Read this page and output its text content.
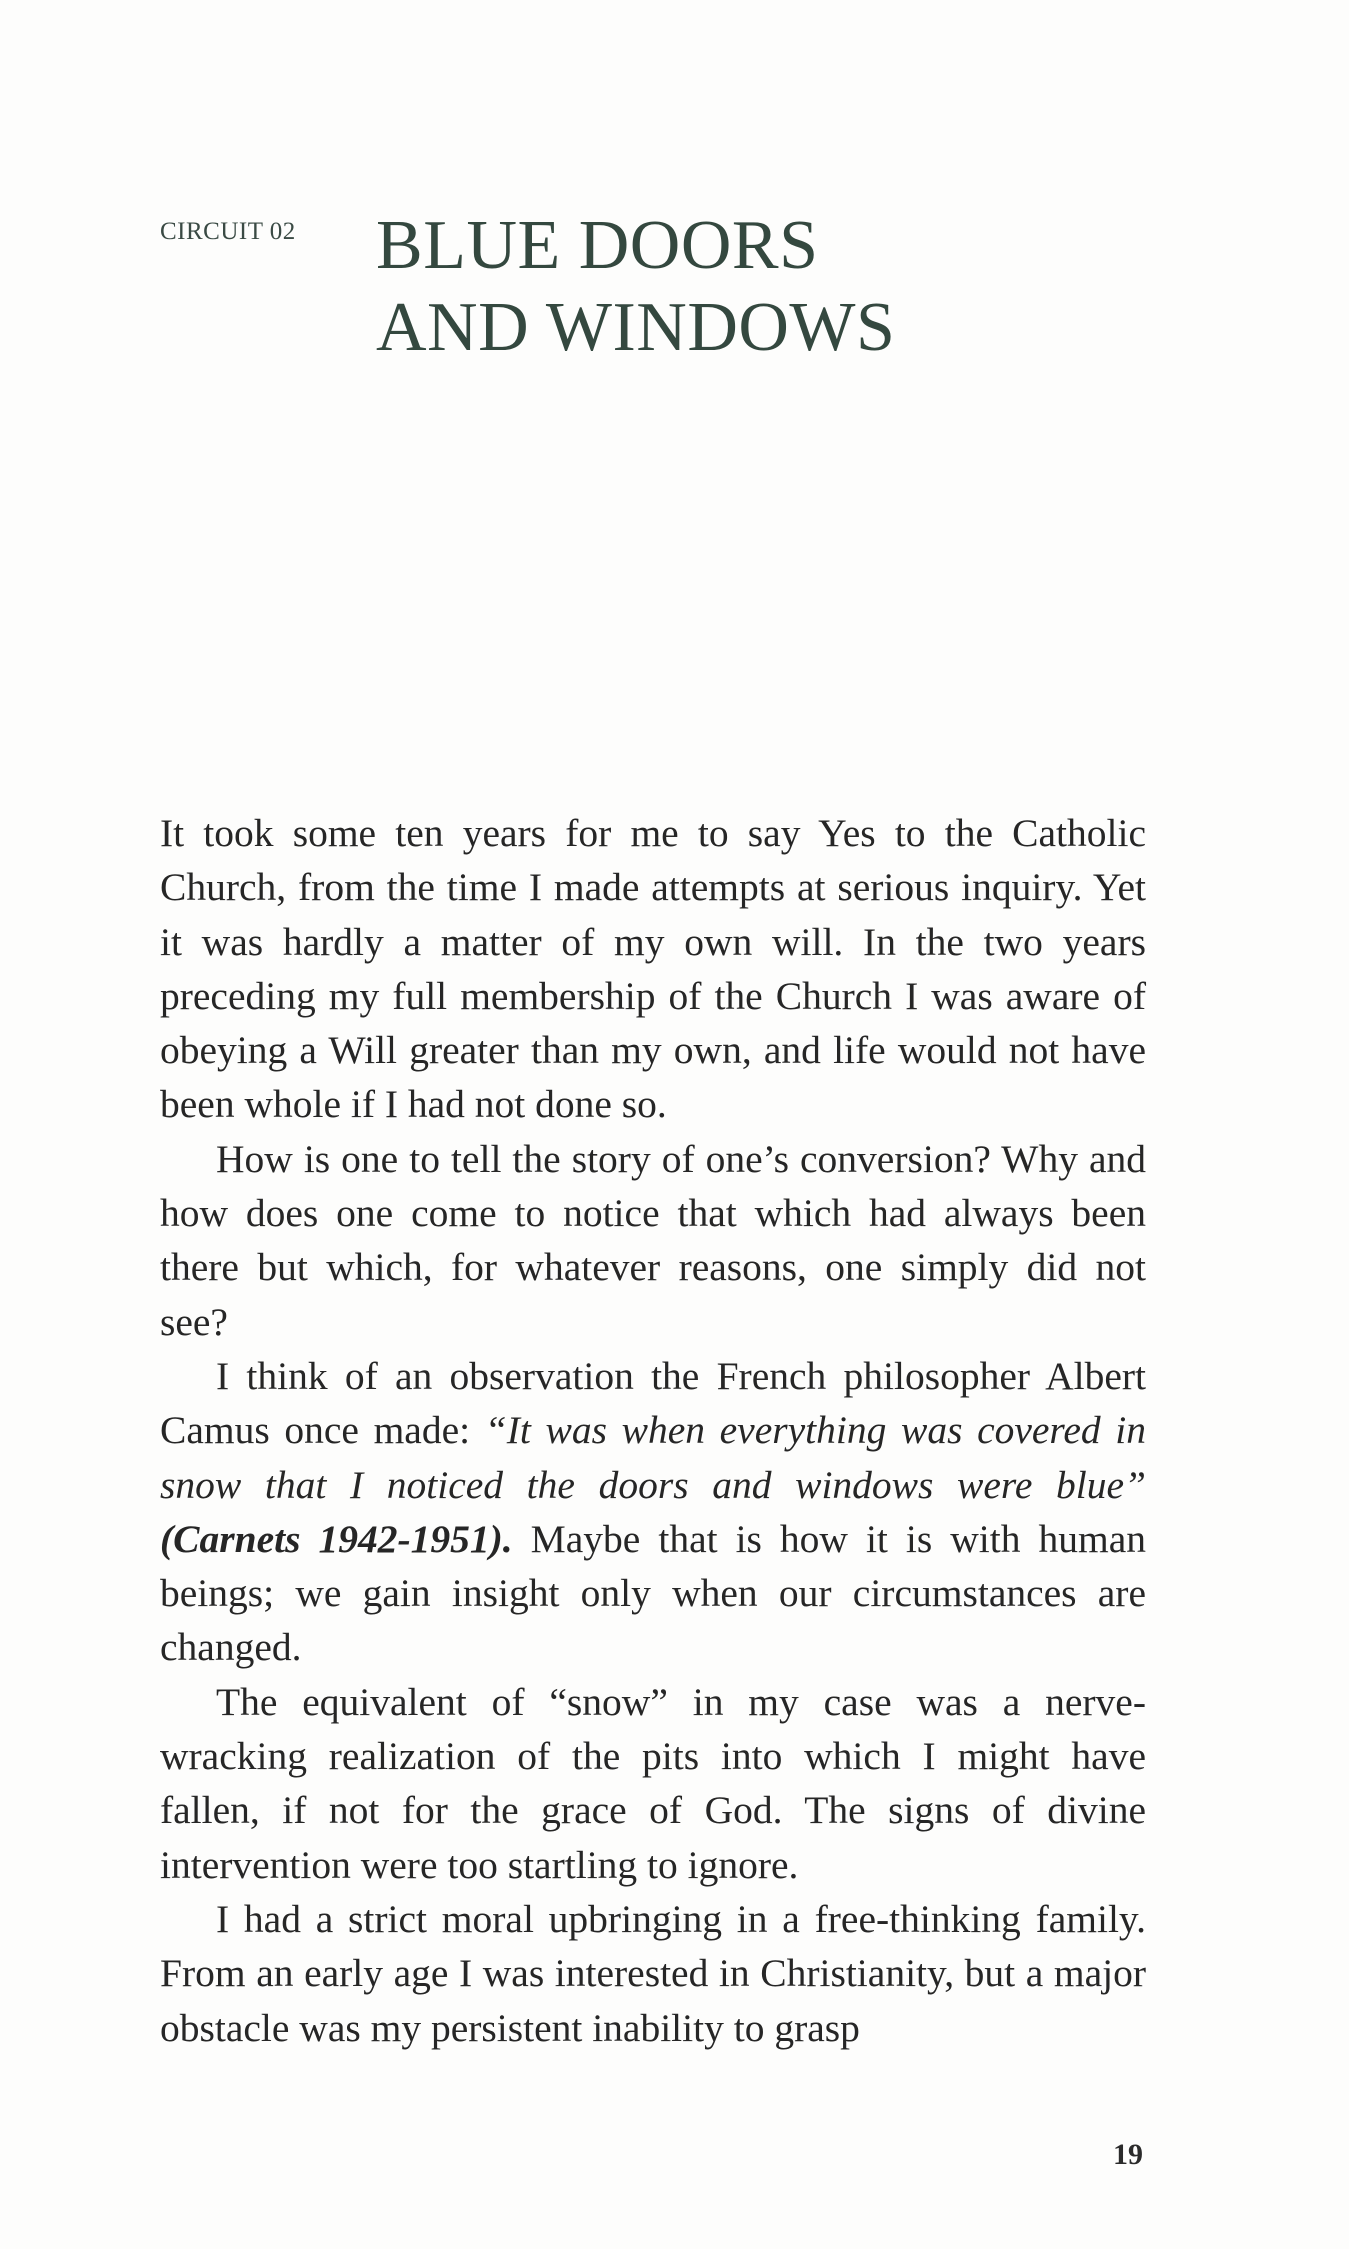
CIRCUIT 02 BLUE DOORS
AND WINDOWS

It took some ten years for me to say Yes to the Catholic Church, from the time I made attempts at serious inquiry. Yet it was hardly a matter of my own will. In the two years preceding my full membership of the Church I was aware of obeying a Will greater than my own, and life would not have been whole if I had not done so.

How is one to tell the story of one’s conversion? Why and how does one come to notice that which had always been there but which, for whatever reasons, one simply did not see?

I think of an observation the French philosopher Albert Camus once made: “It was when everything was covered in snow that I noticed the doors and windows were blue” (Carnets 1942-1951). Maybe that is how it is with human beings; we gain insight only when our circumstances are changed.

The equivalent of “snow” in my case was a nerve-wracking realization of the pits into which I might have fallen, if not for the grace of God. The signs of divine intervention were too startling to ignore.

I had a strict moral upbringing in a free-thinking family. From an early age I was interested in Christianity, but a major obstacle was my persistent inability to grasp

19
